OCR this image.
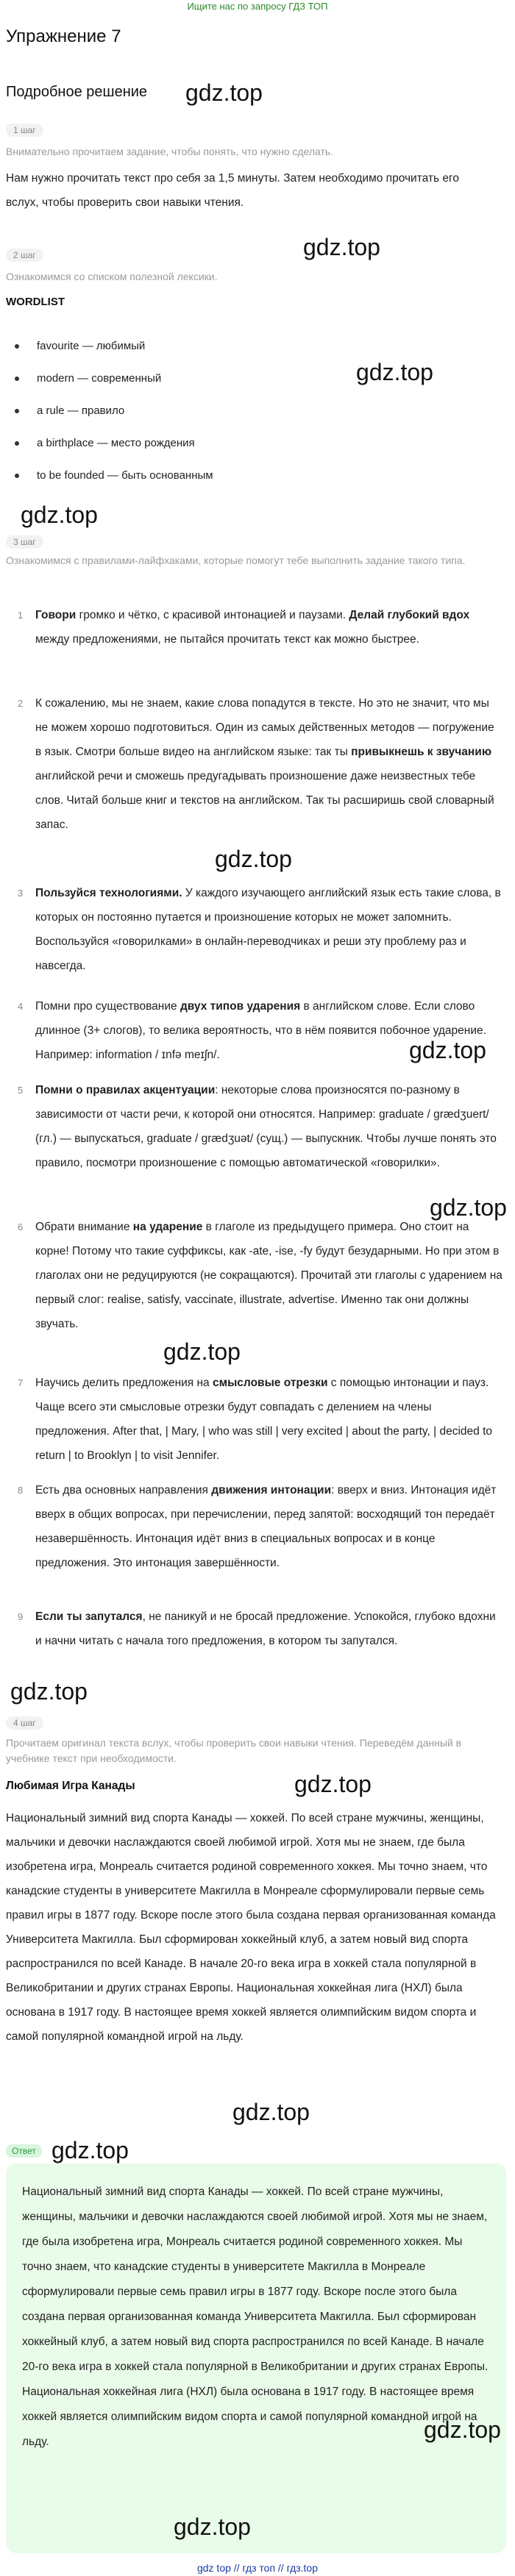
Ищите нас по запросу ГДЗ ТОП
Упражнение 7
Подробное решение gdz.top
1 шаг
Внимательно прочитаем задание, чтобы понять, что нужно сделать.
Нам нужно прочитать текст про себя за 1,5 минуты. Затем необходимо прочитать его вслух, чтобы проверить свои навыки чтения.
2 шаг	gdz.top
Ознакомимся со списком полезной лексики.
WORDLIST
gdz.top
favourite — любимый
modern — современный
a rule — правило
a birthplace — место рождения
to be founded — быть основанным
gdz.top
3 шаг
Ознакомимся с правилами-лайфхаками, которые помогут тебе выполнить задание такого типа.
1 Говори громко и чётко, с красивой интонацией и паузами. Делай глубокий вдох между предложениями, не пытайся прочитать текст как можно быстрее.
2 К сожалению, мы не знаем, какие слова попадутся в тексте. Но это не значит, что мы не можем хорошо подготовиться. Один из самых действенных методов — погружение в язык. Смотри больше видео на английском языке: так ты привыкнешь к звучанию английской речи и сможешь предугадывать произношение даже неизвестных тебе слов. Читай больше книг и текстов на английском. Так ты расширишь свой словарный запас.
gdz.top
3 Пользуйся технологиями. У каждого изучающего английский язык есть такие слова, в которых он постоянно путается и произношение которых не может запомнить. Воспользуйся «говорилками» в онлайн-переводчиках и реши эту проблему раз и навсегда.
4 Помни про существование двух типов ударения в английском слове. Если слово длинное (3+ слогов), то велика вероятность, что в нём появится побочное ударение. Например: information / ɪnfə meɪʃn/.	gdz.top
5 Помни о правилах акцентуации: некоторые слова произносятся по-разному в зависимости от части речи, к которой они относятся. Например: graduate / ɡrædʒuert/ (гл.) — выпускаться, graduate / ɡrædʒuət/ (сущ.) — выпускник. Чтобы лучше понять это правило, посмотри произношение с помощью автоматической «говорилки».
gdz.top
6 Обрати внимание на ударение в глаголе из предыдущего примера. Оно стоит на корне! Потому что такие суффиксы, как -ate, -ise, -fy будут безударными. Но при этом в глаголах они не редуцируются (не сокращаются). Прочитай эти глаголы с ударением на первый слог: realise, satisfy, vaccinate, illustrate, advertise. Именно так они должны звучать.
gdz.top
7 Научись делить предложения на смысловые отрезки с помощью интонации и пауз. Чаще всего эти смысловые отрезки будут совпадать с делением на члены предложения. After that, | Mary, | who was still | very excited | about the party, | decided to return | to Brooklyn | to visit Jennifer.
8 Есть два основных направления движения интонации: вверх и вниз. Интонация идёт вверх в общих вопросах, при перечислении, перед запятой: восходящий тон передаёт незавершённость. Интонация идёт вниз в специальных вопросах и в конце предложения. Это интонация завершённости.
9 Если ты запутался, не паникуй и не бросай предложение. Успокойся, глубоко вдохни и начни читать с начала того предложения, в котором ты запутался.
gdz.top
4 шаг
Прочитаем оригинал текста вслух, чтобы проверить свои навыки чтения. Переведём данный в учебнике текст при необходимости.
gdz.top
Любимая Игра Канады
Национальный зимний вид спорта Канады — хоккей. По всей стране мужчины, женщины, мальчики и девочки наслаждаются своей любимой игрой. Хотя мы не знаем, где была изобретена игра, Монреаль считается родиной современного хоккея. Мы точно знаем, что канадские студенты в университете Макгилла в Монреале сформулировали первые семь правил игры в 1877 году. Вскоре после этого была создана первая организованная команда Университета Макгилла. Был сформирован хоккейный клуб, а затем новый вид спорта распространился по всей Канаде. В начале 20-го века игра в хоккей стала популярной в Великобритании и других странах Европы. Национальная хоккейная лига (НХЛ) была основана в 1917 году. В настоящее время хоккей является олимпийским видом спорта и самой популярной командной игрой на льду.
gdz.top
Ответ gdz.top
Национальный зимний вид спорта Канады — хоккей. По всей стране мужчины, женщины, мальчики и девочки наслаждаются своей любимой игрой. Хотя мы не знаем, где была изобретена игра, Монреаль считается родиной современного хоккея. Мы точно знаем, что канадские студенты в университете Макгилла в Монреале сформулировали первые семь правил игры в 1877 году. Вскоре после этого была создана первая организованная команда Университета Макгилла. Был сформирован хоккейный клуб, а затем новый вид спорта распространился по всей Канаде. В начале 20-го века игра в хоккей стала популярной в Великобритании и других странах Европы. Национальная хоккейная лига (НХЛ) была основана в 1917 году. В настоящее время хоккей является олимпийским видом спорта и самой популярной командной игрой на льду.	gdz.top
gdz.top
gdz top // гдз топ // гдз.top
